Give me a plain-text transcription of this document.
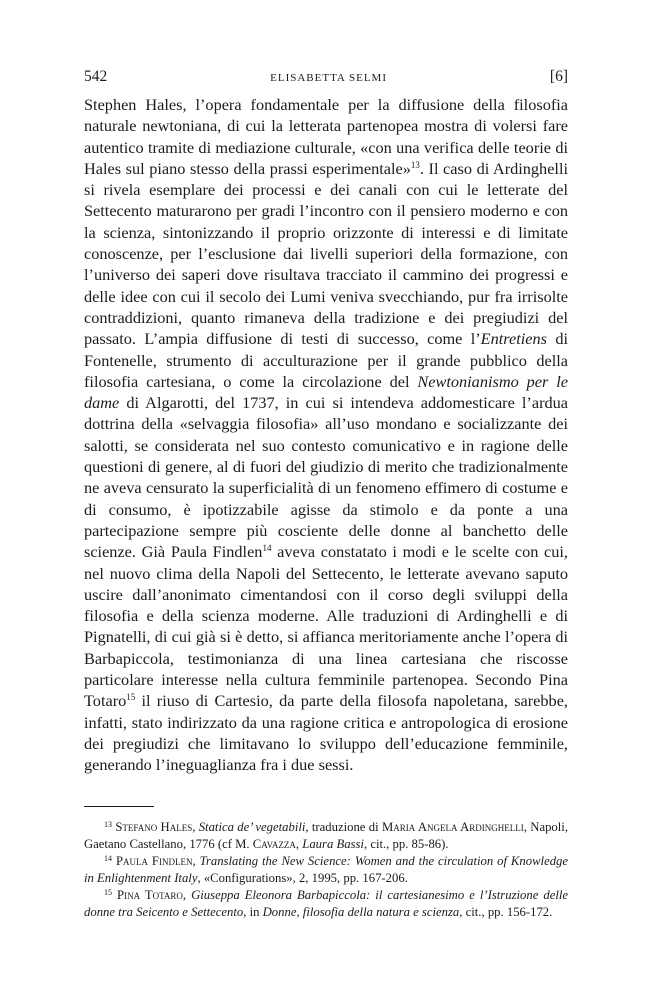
542	ELISABETTA SELMI	[6]

Stephen Hales, l’opera fondamentale per la diffusione della filosofia naturale newtoniana, di cui la letterata partenopea mostra di volersi fare autentico tramite di mediazione culturale, «con una verifica delle teorie di Hales sul piano stesso della prassi esperimentale»$^{13}$. Il caso di Ardinghelli si rivela esemplare dei processi e dei canali con cui le letterate del Settecento maturarono per gradi l’incontro con il pensiero moderno e con la scienza, sintonizzando il proprio orizzonte di interessi e di limitate conoscenze, per l’esclusione dai livelli superiori della formazione, con l’universo dei saperi dove risultava tracciato il cammino dei progressi e delle idee con cui il secolo dei Lumi veniva svecchiando, pur fra irrisolte contraddizioni, quanto rimaneva della tradizione e dei pregiudizi del passato. L’ampia diffusione di testi di successo, come l’Entretiens di Fontenelle, strumento di acculturazione per il grande pubblico della filosofia cartesiana, o come la circolazione del Newtonianismo per le dame di Algarotti, del 1737, in cui si intendeva addomesticare l’ardua dottrina della «selvaggia filosofia» all’uso mondano e socializzante dei salotti, se considerata nel suo contesto comunicativo e in ragione delle questioni di genere, al di fuori del giudizio di merito che tradizionalmente ne aveva censurato la superficialità di un fenomeno effimero di costume e di consumo, è ipotizzabile agisse da stimolo e da ponte a una partecipazione sempre più cosciente delle donne al banchetto delle scienze. Già Paula Findlen$^{14}$ aveva constatato i modi e le scelte con cui, nel nuovo clima della Napoli del Settecento, le letterate avevano saputo uscire dall’anonimato cimentandosi con il corso degli sviluppi della filosofia e della scienza moderne. Alle traduzioni di Ardinghelli e di Pignatelli, di cui già si è detto, si affianca meritoriamente anche l’opera di Barbapiccola, testimonianza di una linea cartesiana che riscosse particolare interesse nella cultura femminile partenopea. Secondo Pina Totaro$^{15}$ il riuso di Cartesio, da parte della filosofa napoletana, sarebbe, infatti, stato indirizzato da una ragione critica e antropologica di erosione dei pregiudizi che limitavano lo sviluppo dell’educazione femminile, generando l’ineguaglianza fra i due sessi.

$^{13}$ Stefano Hales, Statica de’ vegetabili, traduzione di Maria Angela Ardinghelli, Napoli, Gaetano Castellano, 1776 (cf M. Cavazza, Laura Bassi, cit., pp. 85-86).

$^{14}$ Paula Findlen, Translating the New Science: Women and the circulation of Knowledge in Enlightenment Italy, «Configurations», 2, 1995, pp. 167-206.

$^{15}$ Pina Totaro, Giuseppa Eleonora Barbapiccola: il cartesianesimo e l’Istruzione delle donne tra Seicento e Settecento, in Donne, filosofia della natura e scienza, cit., pp. 156-172.
